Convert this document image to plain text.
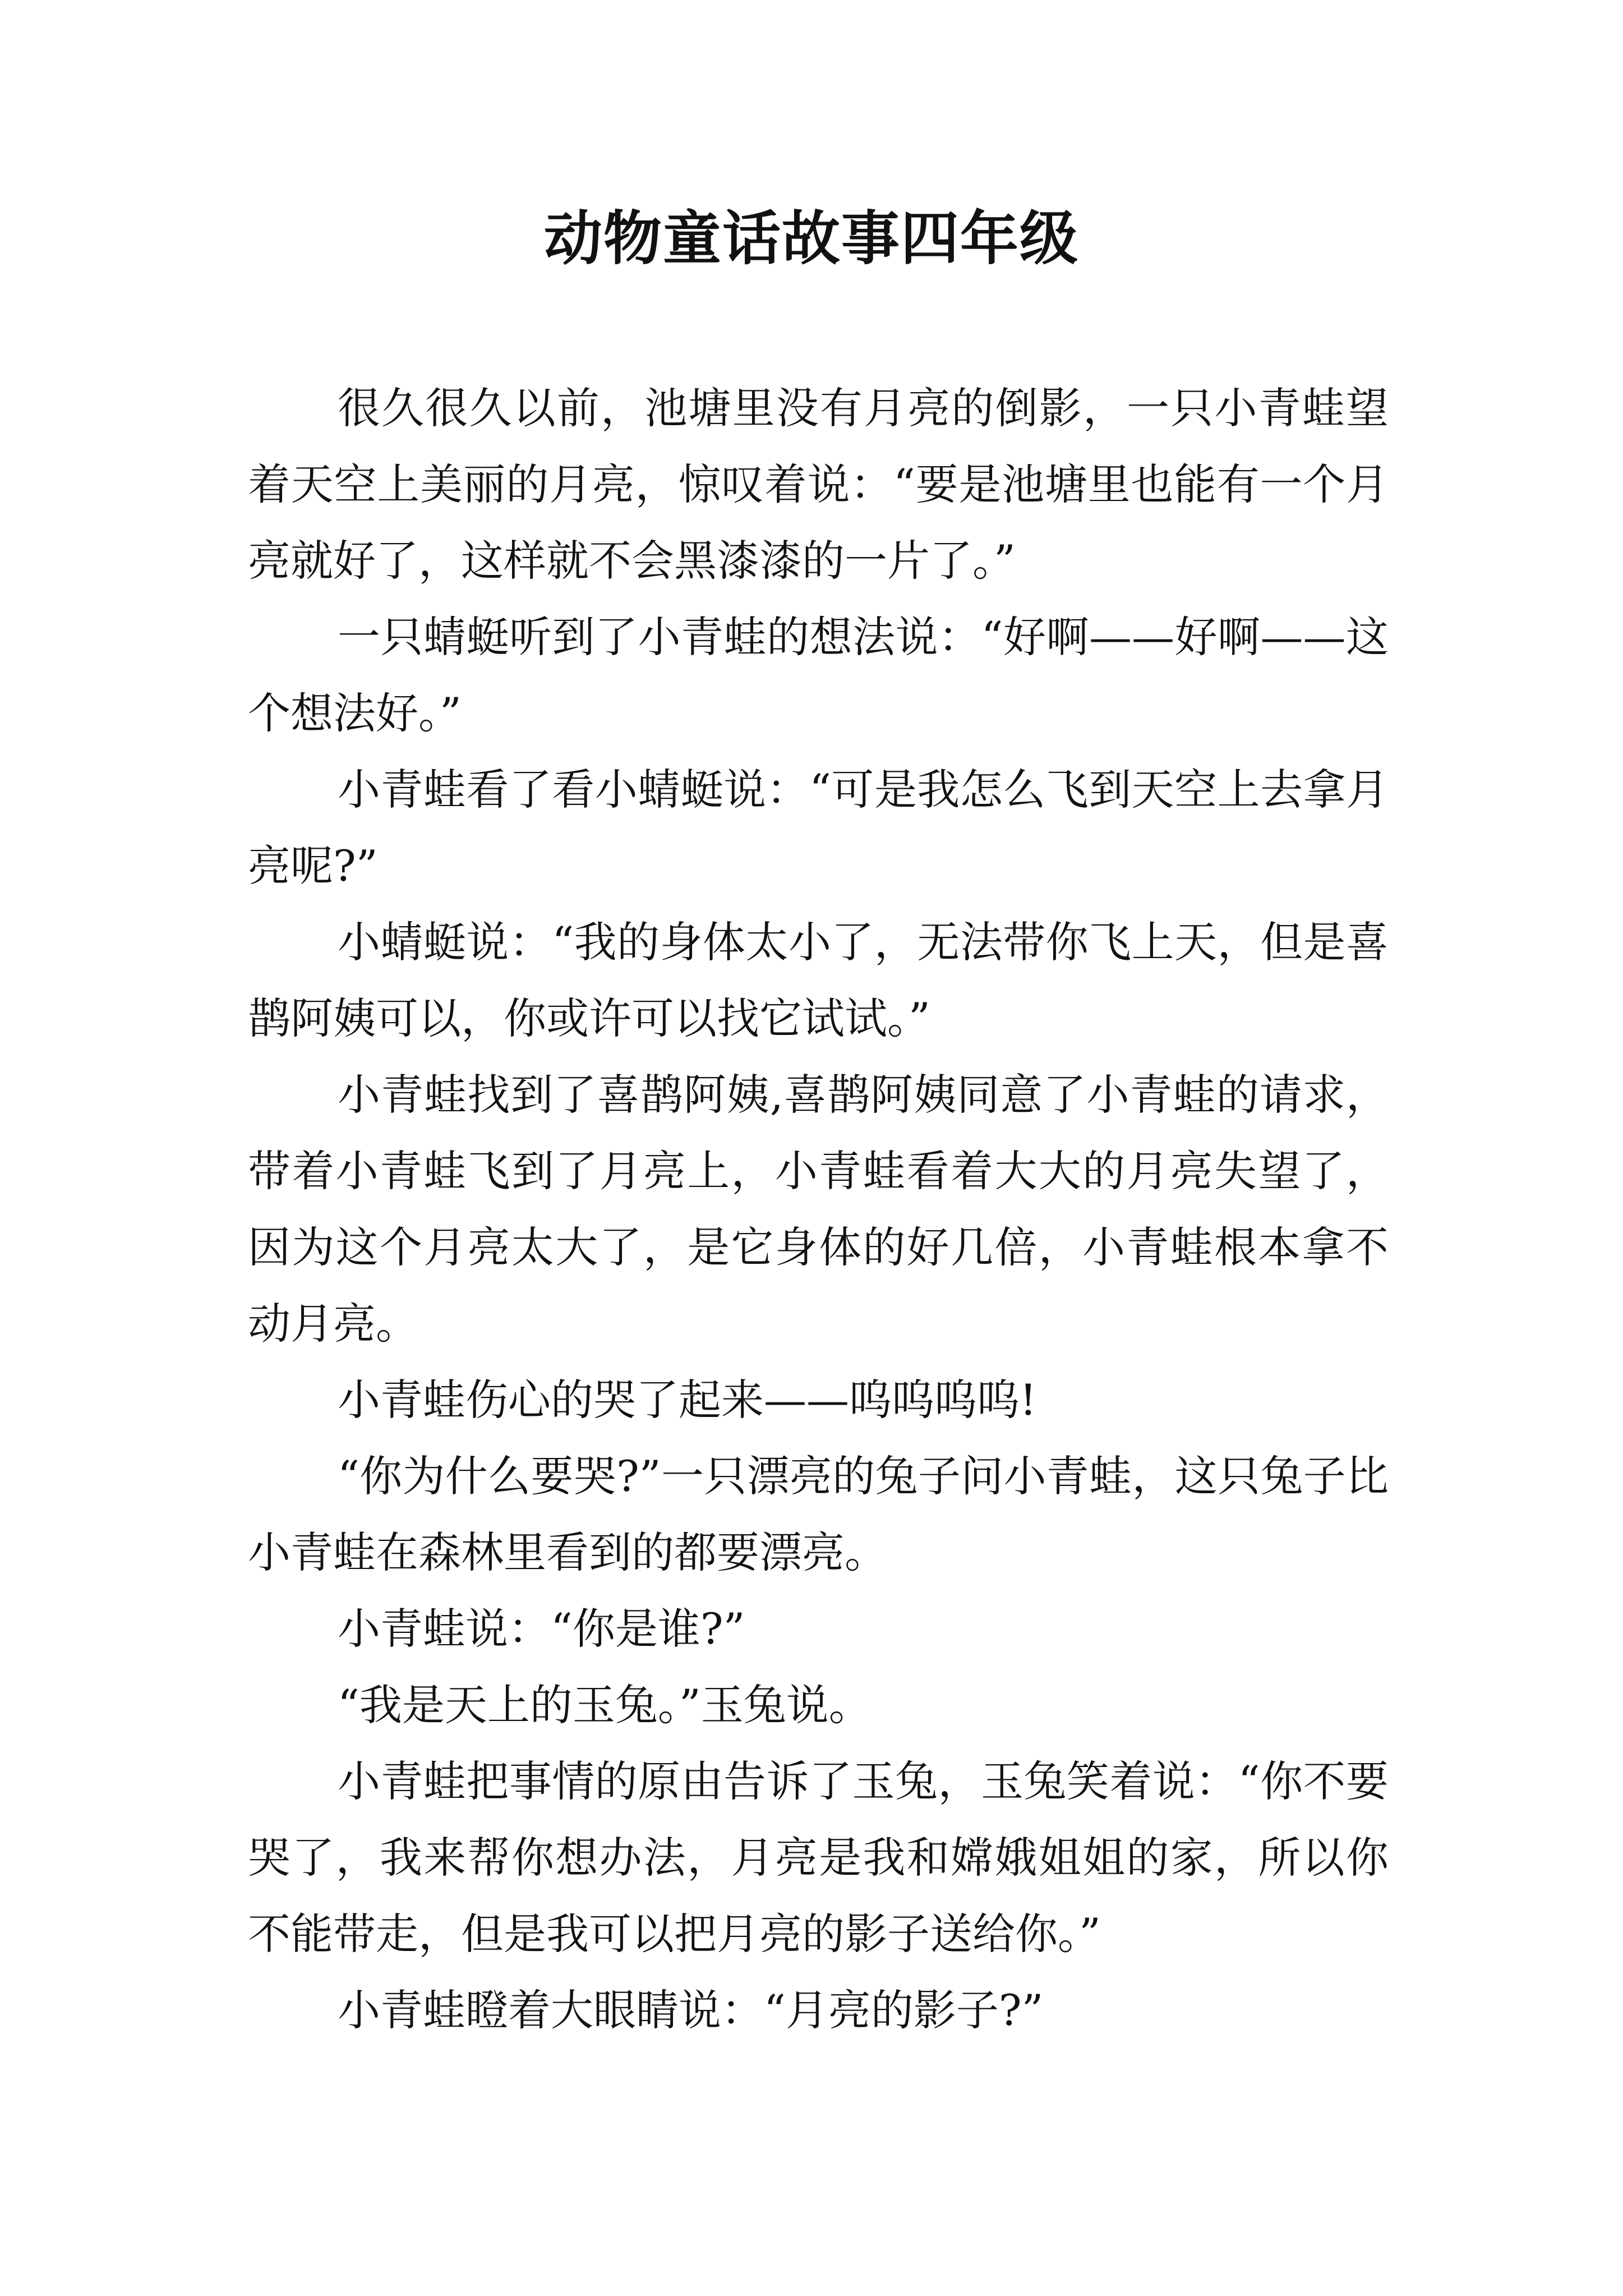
动物童话故事四年级

很久很久以前，池塘里没有月亮的倒影，一只小青蛙望着天空上美丽的月亮，惊叹着说：“要是池塘里也能有一个月亮就好了，这样就不会黑漆漆的一片了。”

一只蜻蜓听到了小青蛙的想法说：“好啊——好啊——这个想法好。”

小青蛙看了看小蜻蜓说：“可是我怎么飞到天空上去拿月亮呢?”

小蜻蜓说：“我的身体太小了，无法带你飞上天，但是喜鹊阿姨可以，你或许可以找它试试。”

小青蛙找到了喜鹊阿姨,喜鹊阿姨同意了小青蛙的请求，带着小青蛙飞到了月亮上，小青蛙看着大大的月亮失望了，因为这个月亮太大了，是它身体的好几倍，小青蛙根本拿不动月亮。

小青蛙伤心的哭了起来——呜呜呜呜!

“你为什么要哭?”一只漂亮的兔子问小青蛙，这只兔子比小青蛙在森林里看到的都要漂亮。

小青蛙说：“你是谁?”

“我是天上的玉兔。”玉兔说。

小青蛙把事情的原由告诉了玉兔，玉兔笑着说：“你不要哭了，我来帮你想办法，月亮是我和嫦娥姐姐的家，所以你不能带走，但是我可以把月亮的影子送给你。”

小青蛙瞪着大眼睛说：“月亮的影子?”
